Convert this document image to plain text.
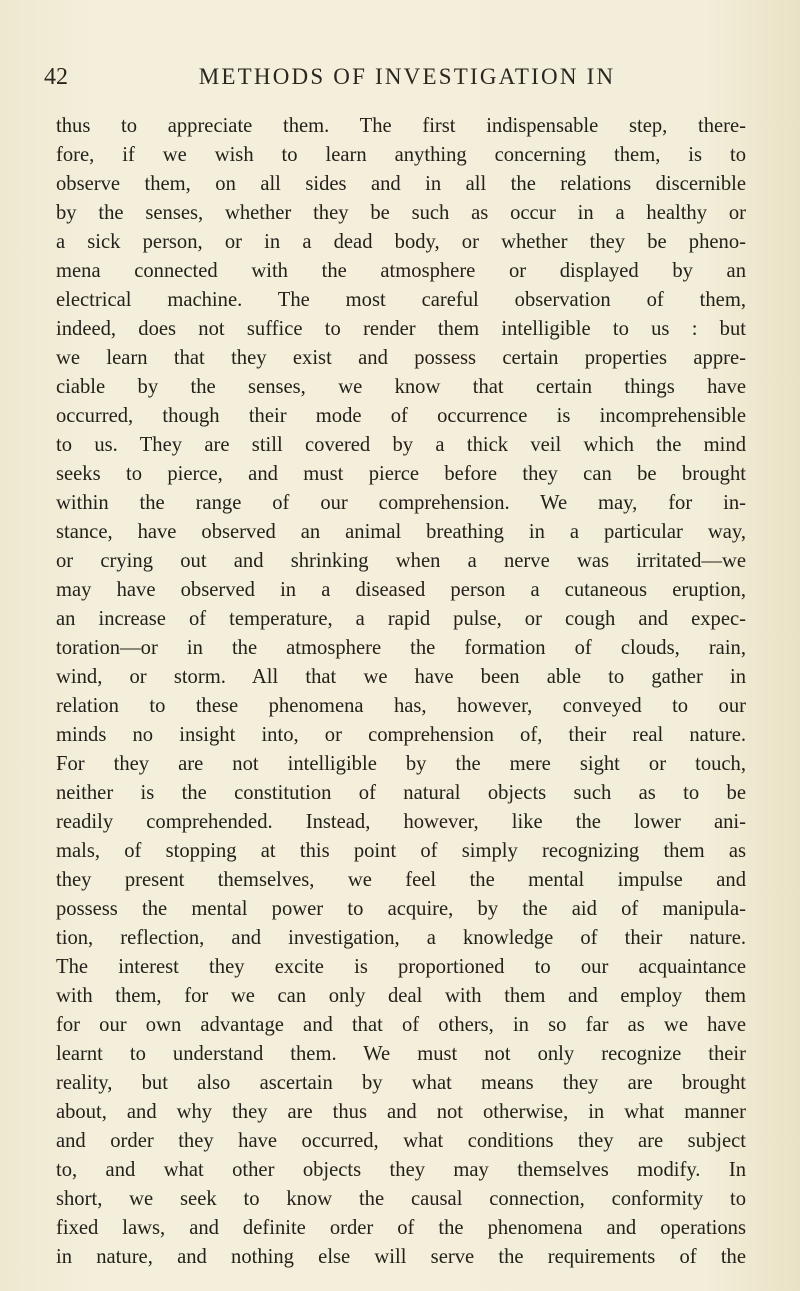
42	METHODS OF INVESTIGATION IN
thus to appreciate them. The first indispensable step, there-
fore, if we wish to learn anything concerning them, is to
observe them, on all sides and in all the relations discernible
by the senses, whether they be such as occur in a healthy or
a sick person, or in a dead body, or whether they be pheno-
mena connected with the atmosphere or displayed by an
electrical machine. The most careful observation of them,
indeed, does not suffice to render them intelligible to us : but
we learn that they exist and possess certain properties appre-
ciable by the senses, we know that certain things have
occurred, though their mode of occurrence is incomprehensible
to us. They are still covered by a thick veil which the mind
seeks to pierce, and must pierce before they can be brought
within the range of our comprehension. We may, for in-
stance, have observed an animal breathing in a particular way,
or crying out and shrinking when a nerve was irritated—we
may have observed in a diseased person a cutaneous eruption,
an increase of temperature, a rapid pulse, or cough and expec-
toration—or in the atmosphere the formation of clouds, rain,
wind, or storm. All that we have been able to gather in
relation to these phenomena has, however, conveyed to our
minds no insight into, or comprehension of, their real nature.
For they are not intelligible by the mere sight or touch,
neither is the constitution of natural objects such as to be
readily comprehended. Instead, however, like the lower ani-
mals, of stopping at this point of simply recognizing them as
they present themselves, we feel the mental impulse and
possess the mental power to acquire, by the aid of manipula-
tion, reflection, and investigation, a knowledge of their nature.
The interest they excite is proportioned to our acquaintance
with them, for we can only deal with them and employ them
for our own advantage and that of others, in so far as we have
learnt to understand them. We must not only recognize their
reality, but also ascertain by what means they are brought
about, and why they are thus and not otherwise, in what manner
and order they have occurred, what conditions they are subject
to, and what other objects they may themselves modify. In
short, we seek to know the causal connection, conformity to
fixed laws, and definite order of the phenomena and operations
in nature, and nothing else will serve the requirements of the
